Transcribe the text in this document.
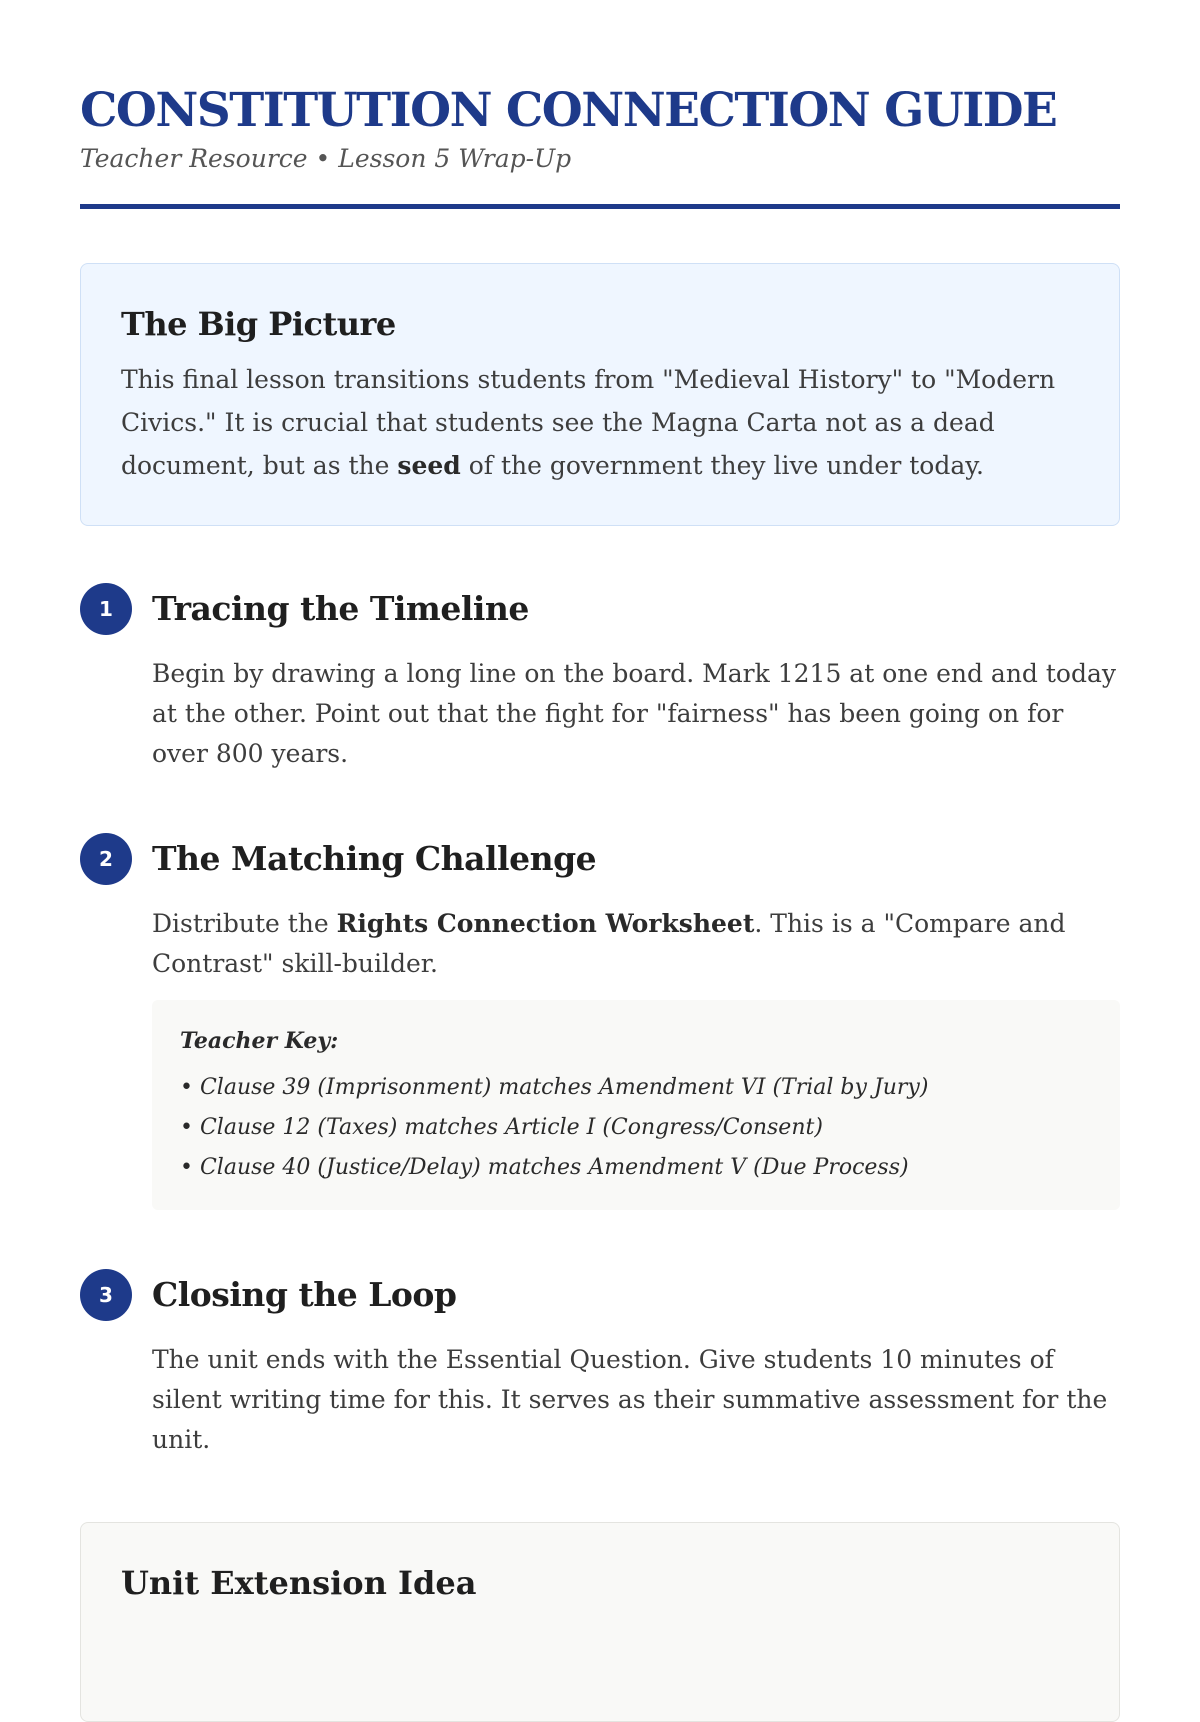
CONSTITUTION CONNECTION GUIDE
Teacher Resource • Lesson 5 Wrap-Up
The Big Picture

This final lesson transitions students from "Medieval History" to "Modern Civics." It is crucial that students see the Magna Carta not as a dead document, but as the seed of the government they live under today.

1	Tracing the Timeline

Begin by drawing a long line on the board. Mark 1215 at one end and today at the other. Point out that the fight for "fairness" has been going on for over 800 years.

2	The Matching Challenge

Distribute the Rights Connection Worksheet. This is a "Compare and Contrast" skill-builder.

Teacher Key:
• Clause 39 (Imprisonment) matches Amendment VI (Trial by Jury)
• Clause 12 (Taxes) matches Article I (Congress/Consent)
• Clause 40 (Justice/Delay) matches Amendment V (Due Process)
3	Closing the Loop

The unit ends with the Essential Question. Give students 10 minutes of silent writing time for this. It serves as their summative assessment for the unit.

Unit Extension Idea
